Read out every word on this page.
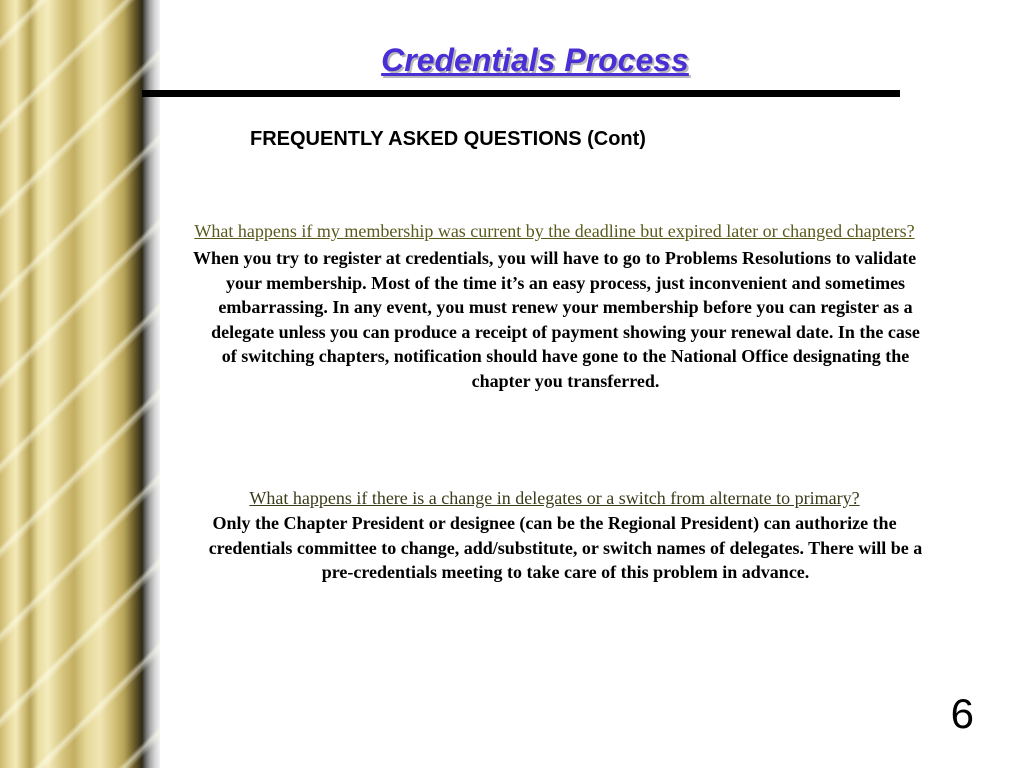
Credentials Process
FREQUENTLY ASKED QUESTIONS (Cont)
What happens if my membership was current by the deadline but expired later or changed chapters?
When you try to register at credentials, you will have to go to Problems Resolutions to validate your membership. Most of the time it’s an easy process, just inconvenient and sometimes embarrassing. In any event, you must renew your membership before you can register as a delegate unless you can produce a receipt of payment showing your renewal date. In the case of switching chapters, notification should have gone to the National Office designating the chapter you transferred.
What happens if there is a change in delegates or a switch from alternate to primary?
Only the Chapter President or designee (can be the Regional President) can authorize the credentials committee to change, add/substitute, or switch names of delegates. There will be a pre-credentials meeting to take care of this problem in advance.
6
